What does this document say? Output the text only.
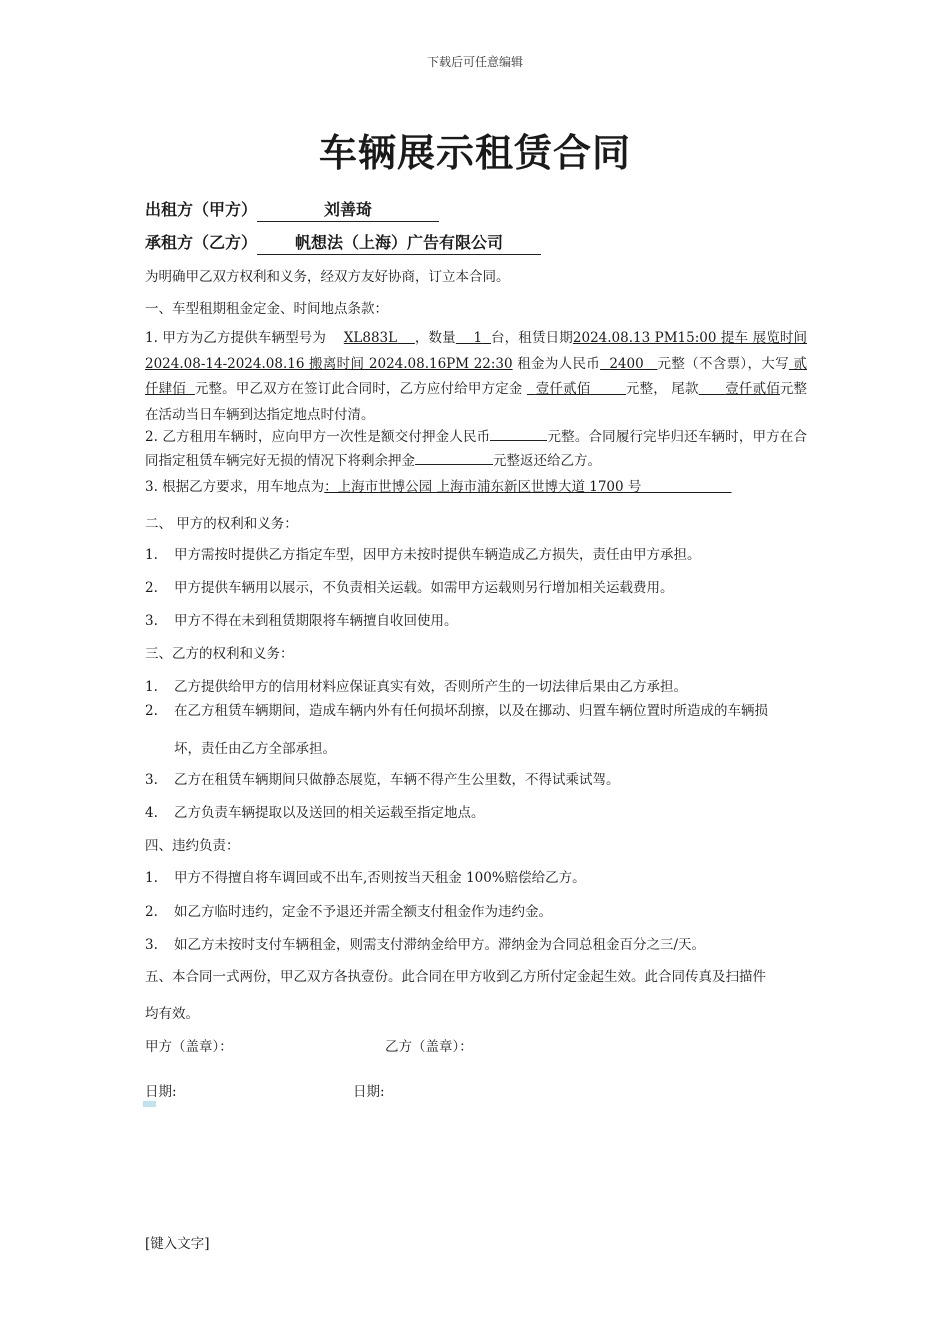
下载后可任意编辑
车辆展示租赁合同
出租方（甲方）	刘善琦
承租方（乙方） 帆想法（上海）广告有限公司
为明确甲乙双方权利和义务，经双方友好协商，订立本合同。
一、车型租期租金定金、时间地点条款：
1. 甲方为乙方提供车辆型号为 XL883L ，数量 1 台，租赁日期2024.08.13 PM15:00 提车 展览时间 2024.08-14-2024.08.16 搬离时间 2024.08.16PM 22:30 租金为人民币 2400 元整（不含票），大写 贰仟肆佰 元整。甲乙双方在签订此合同时，乙方应付给甲方定金 壹仟贰佰	元整， 尾款 壹仟贰佰元整在活动当日车辆到达指定地点时付清。
2. 乙方租用车辆时，应向甲方一次性是额交付押金人民币	元整。合同履行完毕归还车辆时，甲方在合同指定租赁车辆完好无损的情况下将剩余押金	元整返还给乙方。
3. 根据乙方要求，用车地点为：上海市世博公园 上海市浦东新区世博大道 1700 号
二、 甲方的权利和义务：
1. 甲方需按时提供乙方指定车型，因甲方未按时提供车辆造成乙方损失，责任由甲方承担。
2. 甲方提供车辆用以展示，不负责相关运载。如需甲方运载则另行增加相关运载费用。
3. 甲方不得在未到租赁期限将车辆擅自收回使用。
三、乙方的权利和义务：
1. 乙方提供给甲方的信用材料应保证真实有效，否则所产生的一切法律后果由乙方承担。
2. 在乙方租赁车辆期间，造成车辆内外有任何损坏刮擦，以及在挪动、归置车辆位置时所造成的车辆损
坏，责任由乙方全部承担。
3. 乙方在租赁车辆期间只做静态展览，车辆不得产生公里数，不得试乘试驾。
4. 乙方负责车辆提取以及送回的相关运载至指定地点。
四、违约负责：
1. 甲方不得擅自将车调回或不出车,否则按当天租金 100%赔偿给乙方。
2. 如乙方临时违约，定金不予退还并需全额支付租金作为违约金。
3. 如乙方未按时支付车辆租金，则需支付滞纳金给甲方。滞纳金为合同总租金百分之三/天。
五、本合同一式两份，甲乙双方各执壹份。此合同在甲方收到乙方所付定金起生效。此合同传真及扫描件
均有效。
甲方（盖章）：	乙方（盖章）：
日期:	日期:
[键入文字]
